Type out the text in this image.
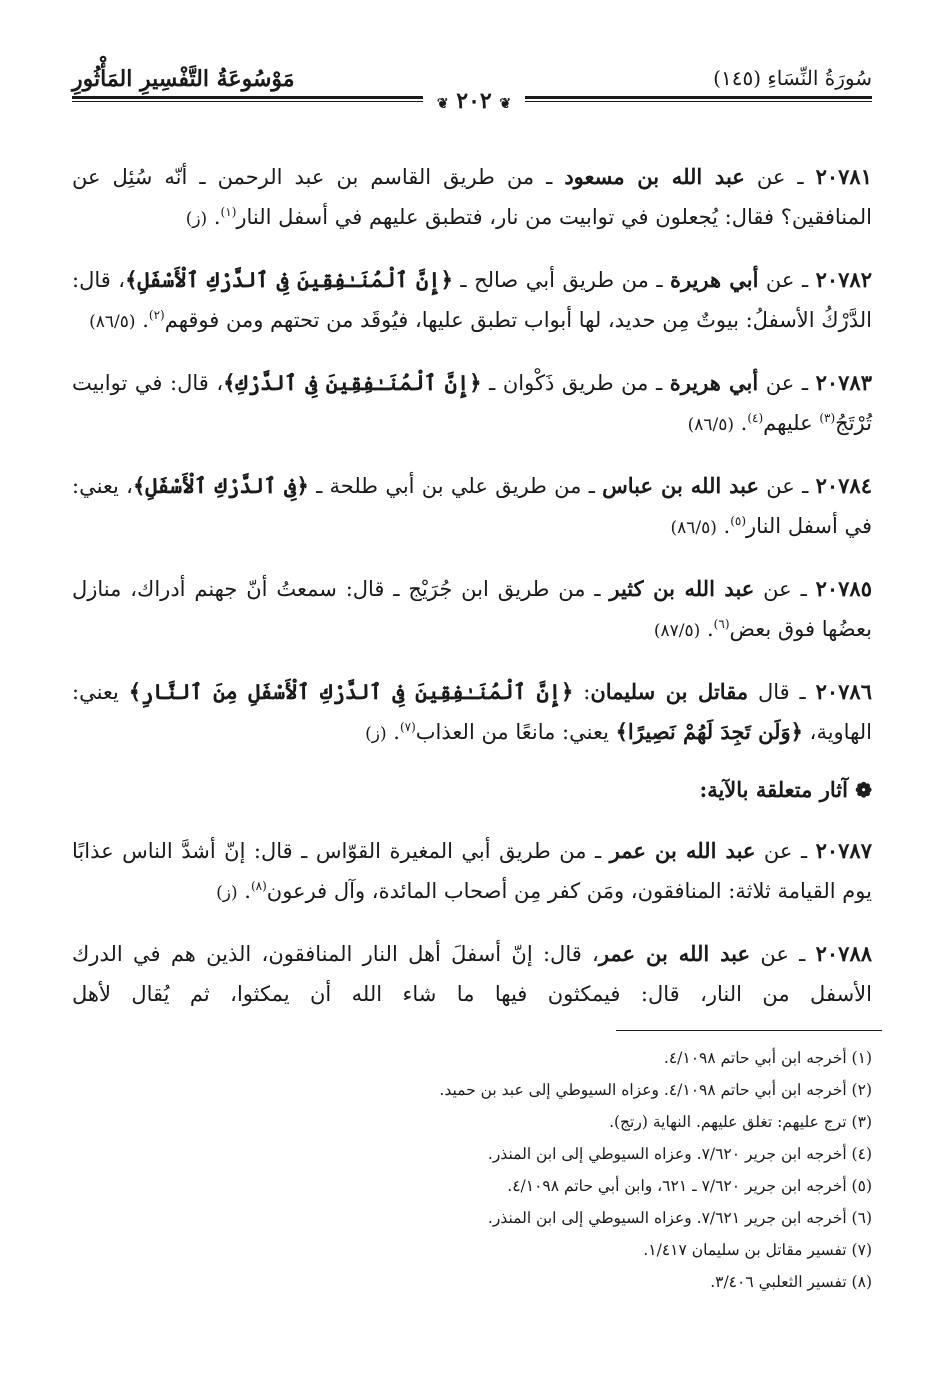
سُورَةُ النِّسَاءِ (١٤٥)
مَوْسُوعَةُ التَّفْسِيرِ المَأْثُورِ
❦ ٢٠٢ ❦

٢٠٧٨١ ـ عن عبد الله بن مسعود ـ من طريق القاسم بن عبد الرحمن ـ أنّه سُئِل عن المنافقين؟ فقال: يُجعلون في توابيت من نار، فتطبق عليهم في أسفل النار$^{(١)}$. (ز)

٢٠٧٨٢ ـ عن أبي هريرة ـ من طريق أبي صالح ـ ﴿إِنَّ ٱلْمُنَـٰفِقِينَ فِى ٱلدَّرْكِ ٱلْأَسْفَلِ﴾، قال: الدَّرْكُ الأسفلُ: بيوتٌ مِن حديد، لها أبواب تطبق عليها، فيُوقَد من تحتهم ومن فوقهم$^{(٢)}$. (٨٦/٥)

٢٠٧٨٣ ـ عن أبي هريرة ـ من طريق ذَكْوان ـ ﴿إِنَّ ٱلْمُنَـٰفِقِينَ فِى ٱلدَّرْكِ﴾، قال: في توابيت تُرْتَجُ$^{(٣)}$ عليهم$^{(٤)}$. (٨٦/٥)

٢٠٧٨٤ ـ عن عبد الله بن عباس ـ من طريق علي بن أبي طلحة ـ ﴿فِى ٱلدَّرْكِ ٱلْأَسْفَلِ﴾، يعني: في أسفل النار$^{(٥)}$. (٨٦/٥)

٢٠٧٨٥ ـ عن عبد الله بن كثير ـ من طريق ابن جُرَيْج ـ قال: سمعتُ أنّ جهنم أدراك، منازل بعضُها فوق بعض$^{(٦)}$. (٨٧/٥)

٢٠٧٨٦ ـ قال مقاتل بن سليمان: ﴿إِنَّ ٱلْمُنَـٰفِقِينَ فِى ٱلدَّرْكِ ٱلْأَسْفَلِ مِنَ ٱلنَّارِ﴾ يعني: الهاوية، ﴿وَلَن تَجِدَ لَهُمْ نَصِيرًا﴾ يعني: مانعًا من العذاب$^{(٧)}$. (ز)

❁ آثار متعلقة بالآية:

٢٠٧٨٧ ـ عن عبد الله بن عمر ـ من طريق أبي المغيرة القوّاس ـ قال: إنّ أشدَّ الناس عذابًا يوم القيامة ثلاثة: المنافقون، ومَن كفر مِن أصحاب المائدة، وآل فرعون$^{(٨)}$. (ز)

٢٠٧٨٨ ـ عن عبد الله بن عمر، قال: إنّ أسفلَ أهل النار المنافقون، الذين هم في الدرك الأسفل من النار، قال: فيمكثون فيها ما شاء الله أن يمكثوا، ثم يُقال لأهل

(١) أخرجه ابن أبي حاتم ٤/١٠٩٨.
(٢) أخرجه ابن أبي حاتم ٤/١٠٩٨. وعزاه السيوطي إلى عبد بن حميد.
(٣) ترج عليهم: تغلق عليهم. النهاية (رتج).
(٤) أخرجه ابن جرير ٧/٦٢٠. وعزاه السيوطي إلى ابن المنذر.
(٥) أخرجه ابن جرير ٧/٦٢٠ ـ ٦٢١، وابن أبي حاتم ٤/١٠٩٨.
(٦) أخرجه ابن جرير ٧/٦٢١. وعزاه السيوطي إلى ابن المنذر.
(٧) تفسير مقاتل بن سليمان ١/٤١٧.
(٨) تفسير الثعلبي ٣/٤٠٦.
